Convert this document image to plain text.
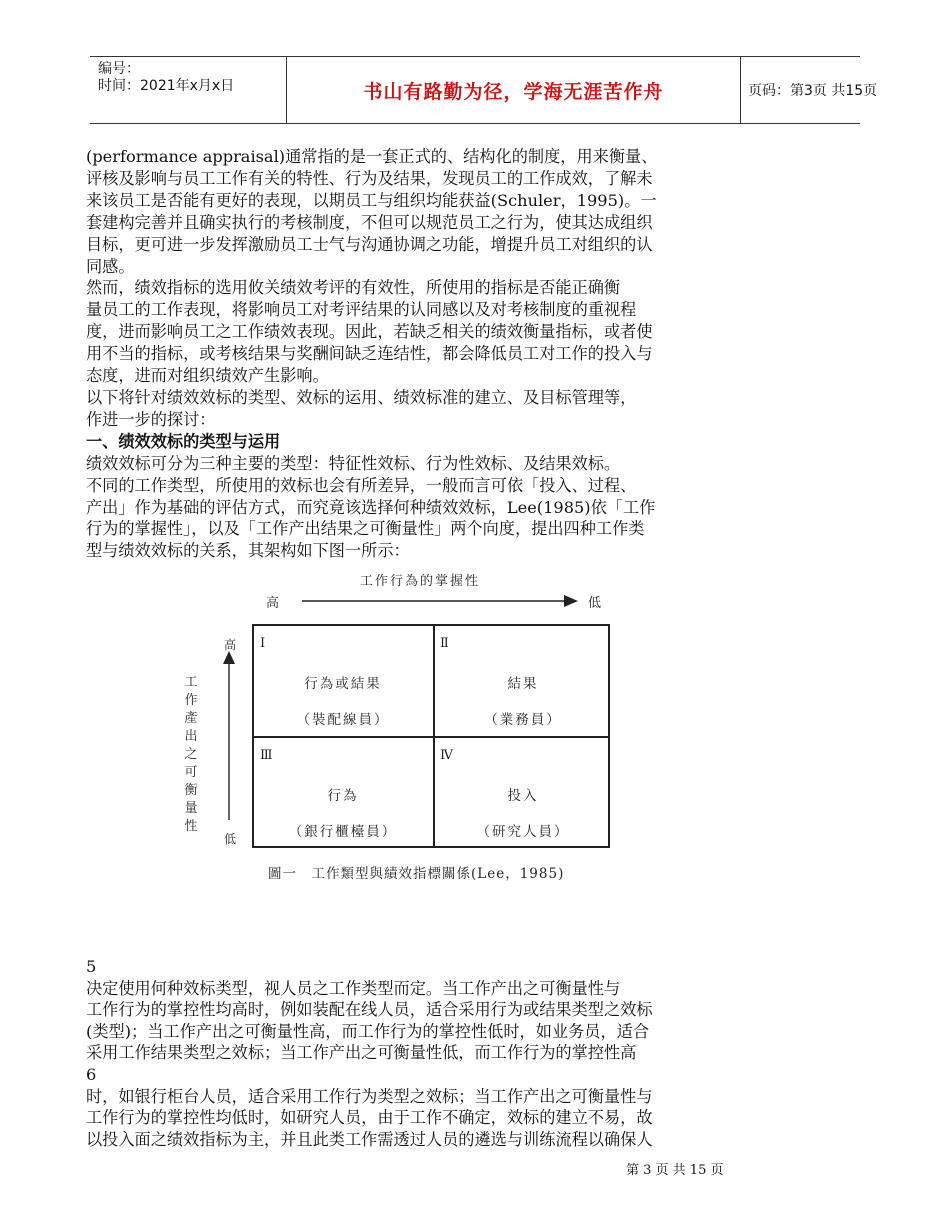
编号：
时间：2021年x月x日	书山有路勤为径，学海无涯苦作舟	页码：第3页 共15页

(performance appraisal)通常指的是一套正式的、结构化的制度，用来衡量、

评核及影响与员工工作有关的特性、行为及结果，发现员工的工作成效，了解未

来该员工是否能有更好的表现，以期员工与组织均能获益(Schuler，1995)。一

套建构完善并且确实执行的考核制度，不但可以规范员工之行为，使其达成组织

目标，更可进一步发挥激励员工士气与沟通协调之功能，增提升员工对组织的认

同感。

然而，绩效指标的选用攸关绩效考评的有效性，所使用的指标是否能正确衡

量员工的工作表现，将影响员工对考评结果的认同感以及对考核制度的重视程

度，进而影响员工之工作绩效表现。因此，若缺乏相关的绩效衡量指标，或者使

用不当的指标，或考核结果与奖酬间缺乏连结性，都会降低员工对工作的投入与

态度，进而对组织绩效产生影响。

以下将针对绩效效标的类型、效标的运用、绩效标准的建立、及目标管理等，

作进一步的探讨：

一、绩效效标的类型与运用

绩效效标可分为三种主要的类型：特征性效标、行为性效标、及结果效标。

不同的工作类型，所使用的效标也会有所差异，一般而言可依「投入、过程、

产出」作为基础的评估方式，而究竟该选择何种绩效效标，Lee(1985)依「工作

行为的掌握性」，以及「工作产出结果之可衡量性」两个向度，提出四种工作类

型与绩效效标的关系，其架构如下图一所示：

工作行為的掌握性
高	低
高
低
工
作
產
出
之
可
衡
量
性
Ⅰ
行為或結果
（裝配線員）
Ⅱ
結果
（業務員）
Ⅲ
行為
（銀行櫃檯員）
Ⅳ
投入
（研究人員）
圖一　工作類型與績效指標關係(Lee，1985)

5

决定使用何种效标类型，视人员之工作类型而定。当工作产出之可衡量性与

工作行为的掌控性均高时，例如装配在线人员，适合采用行为或结果类型之效标

(类型)；当工作产出之可衡量性高，而工作行为的掌控性低时，如业务员，适合

采用工作结果类型之效标；当工作产出之可衡量性低，而工作行为的掌控性高

6

时，如银行柜台人员，适合采用工作行为类型之效标；当工作产出之可衡量性与

工作行为的掌控性均低时，如研究人员，由于工作不确定，效标的建立不易，故

以投入面之绩效指标为主，并且此类工作需透过人员的遴选与训练流程以确保人

第 3 页 共 15 页
